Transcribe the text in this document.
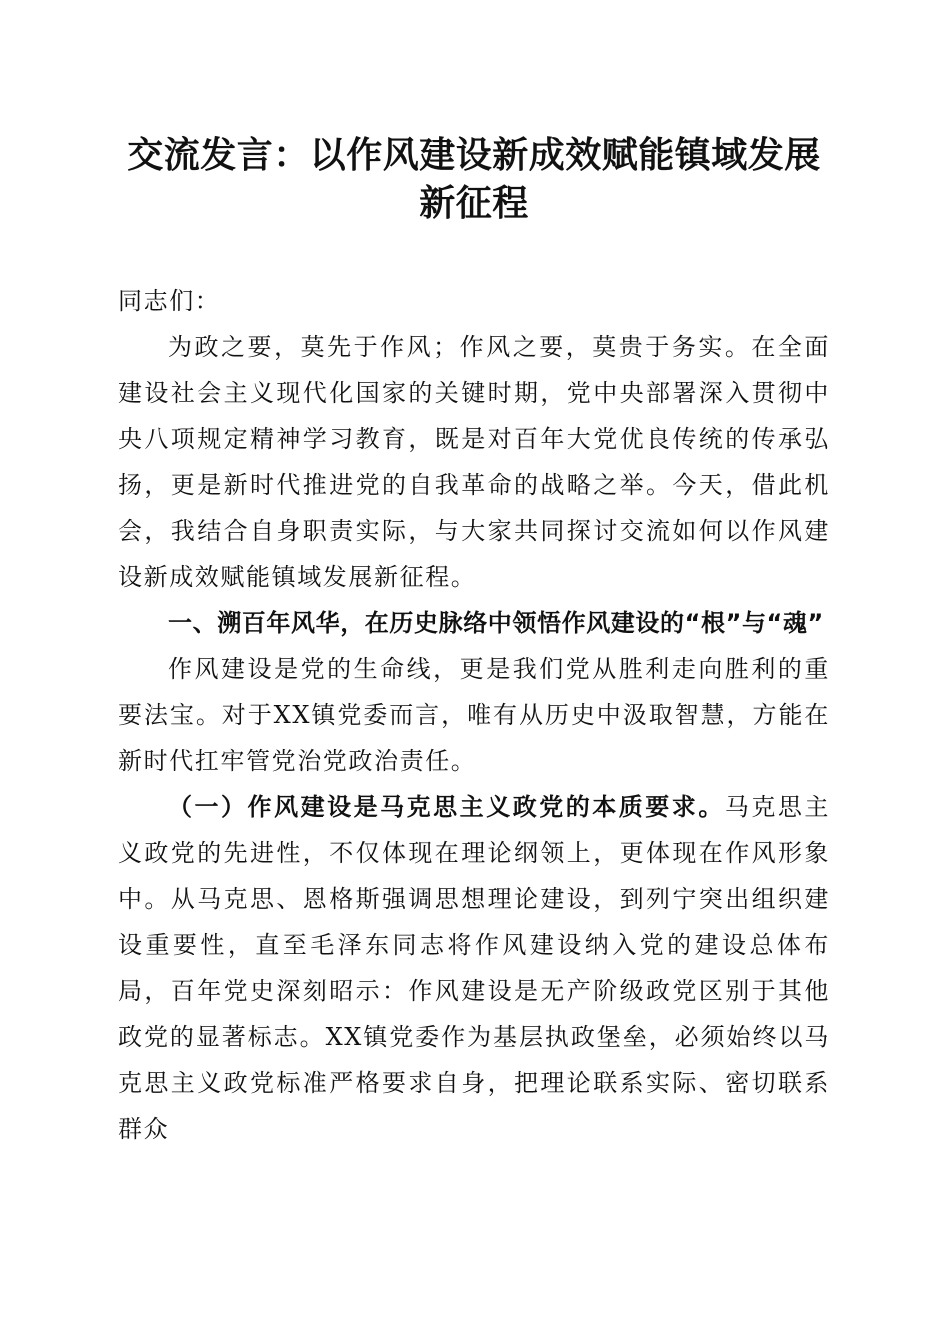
交流发言：以作风建设新成效赋能镇域发展新征程

同志们：

为政之要，莫先于作风；作风之要，莫贵于务实。在全面建设社会主义现代化国家的关键时期，党中央部署深入贯彻中央八项规定精神学习教育，既是对百年大党优良传统的传承弘扬，更是新时代推进党的自我革命的战略之举。今天，借此机会，我结合自身职责实际，与大家共同探讨交流如何以作风建设新成效赋能镇域发展新征程。

一、溯百年风华，在历史脉络中领悟作风建设的“根”与“魂”

作风建设是党的生命线，更是我们党从胜利走向胜利的重要法宝。对于XX镇党委而言，唯有从历史中汲取智慧，方能在新时代扛牢管党治党政治责任。

（一）作风建设是马克思主义政党的本质要求。马克思主义政党的先进性，不仅体现在理论纲领上，更体现在作风形象中。从马克思、恩格斯强调思想理论建设，到列宁突出组织建设重要性，直至毛泽东同志将作风建设纳入党的建设总体布局，百年党史深刻昭示：作风建设是无产阶级政党区别于其他政党的显著标志。XX镇党委作为基层执政堡垒，必须始终以马克思主义政党标准严格要求自身，把理论联系实际、密切联系群众
